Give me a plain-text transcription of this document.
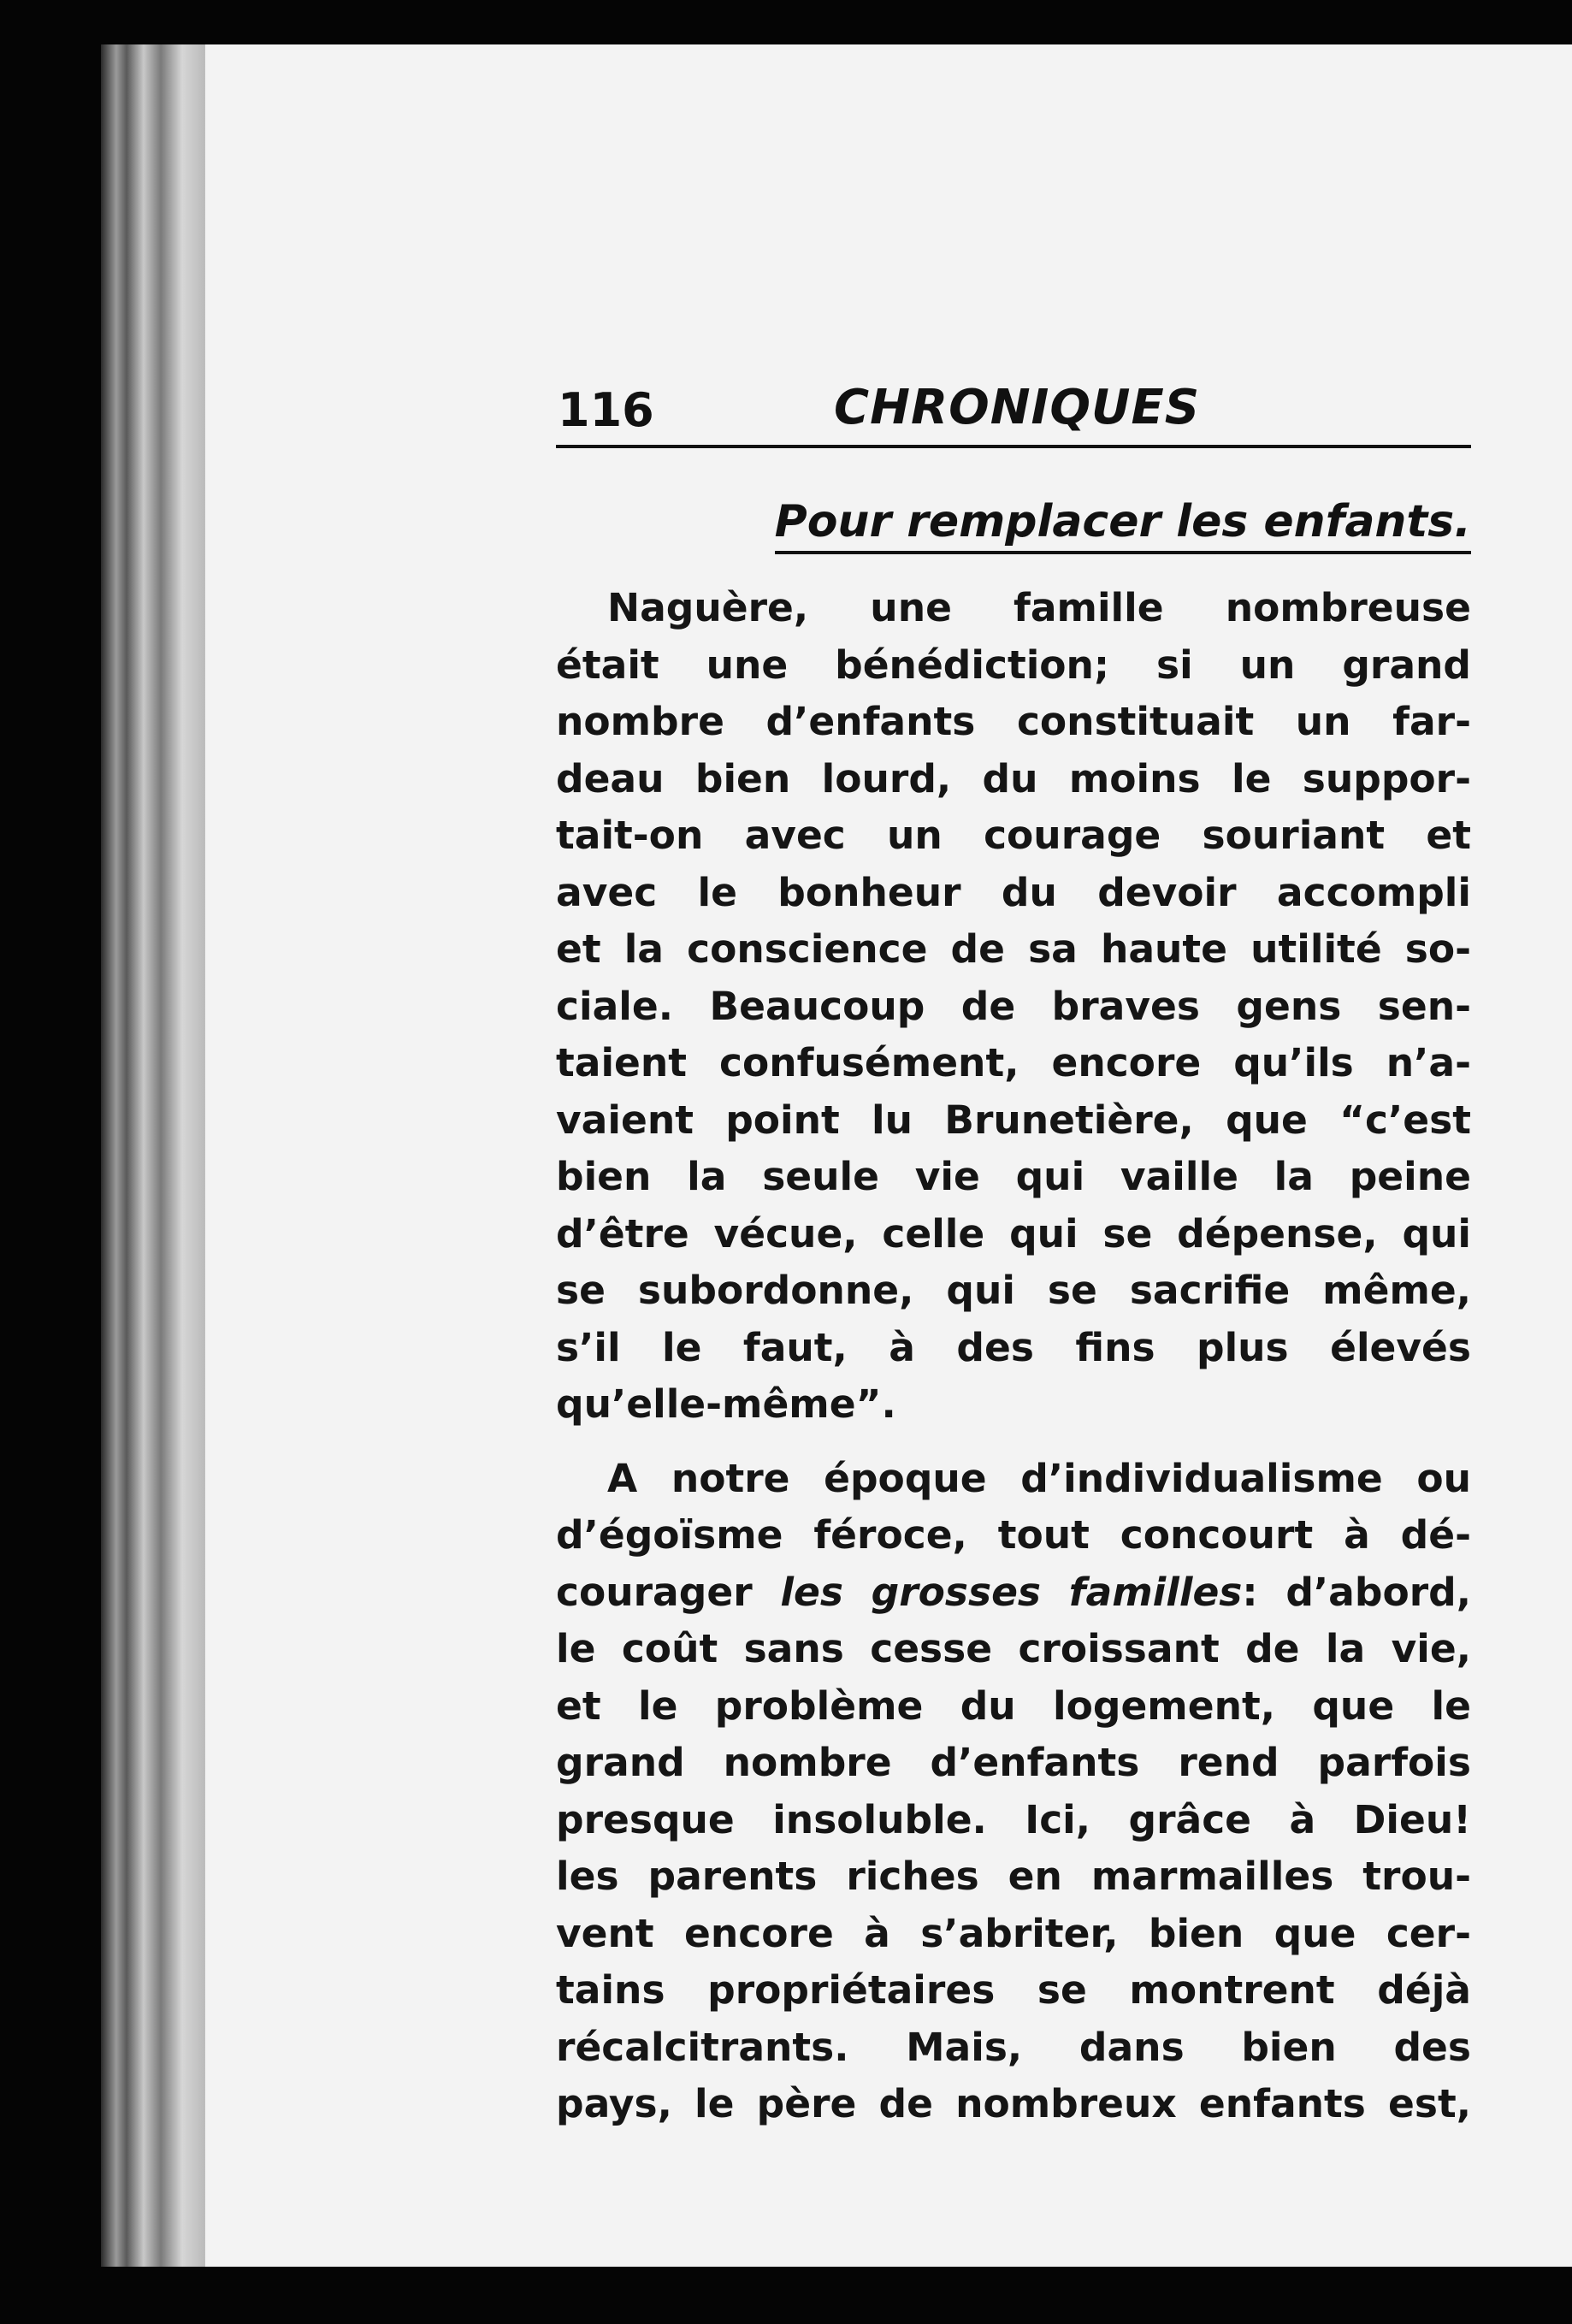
116	CHRONIQUES
Pour remplacer les enfants.

Naguère, une famille nombreuse
était une bénédiction; si un grand
nombre d’enfants constituait un far-
deau bien lourd, du moins le suppor-
tait-on avec un courage souriant et
avec le bonheur du devoir accompli
et la conscience de sa haute utilité so-
ciale. Beaucoup de braves gens sen-
taient confusément, encore qu’ils n’a-
vaient point lu Brunetière, que “c’est
bien la seule vie qui vaille la peine
d’être vécue, celle qui se dépense, qui
se subordonne, qui se sacrifie même,
s’il le faut, à des fins plus élevés
qu’elle-même”.

A notre époque d’individualisme ou
d’égoïsme féroce, tout concourt à dé-
courager les grosses familles: d’abord,
le coût sans cesse croissant de la vie,
et le problème du logement, que le
grand nombre d’enfants rend parfois
presque insoluble. Ici, grâce à Dieu!
les parents riches en marmailles trou-
vent encore à s’abriter, bien que cer-
tains propriétaires se montrent déjà
récalcitrants. Mais, dans bien des
pays, le père de nombreux enfants est,
